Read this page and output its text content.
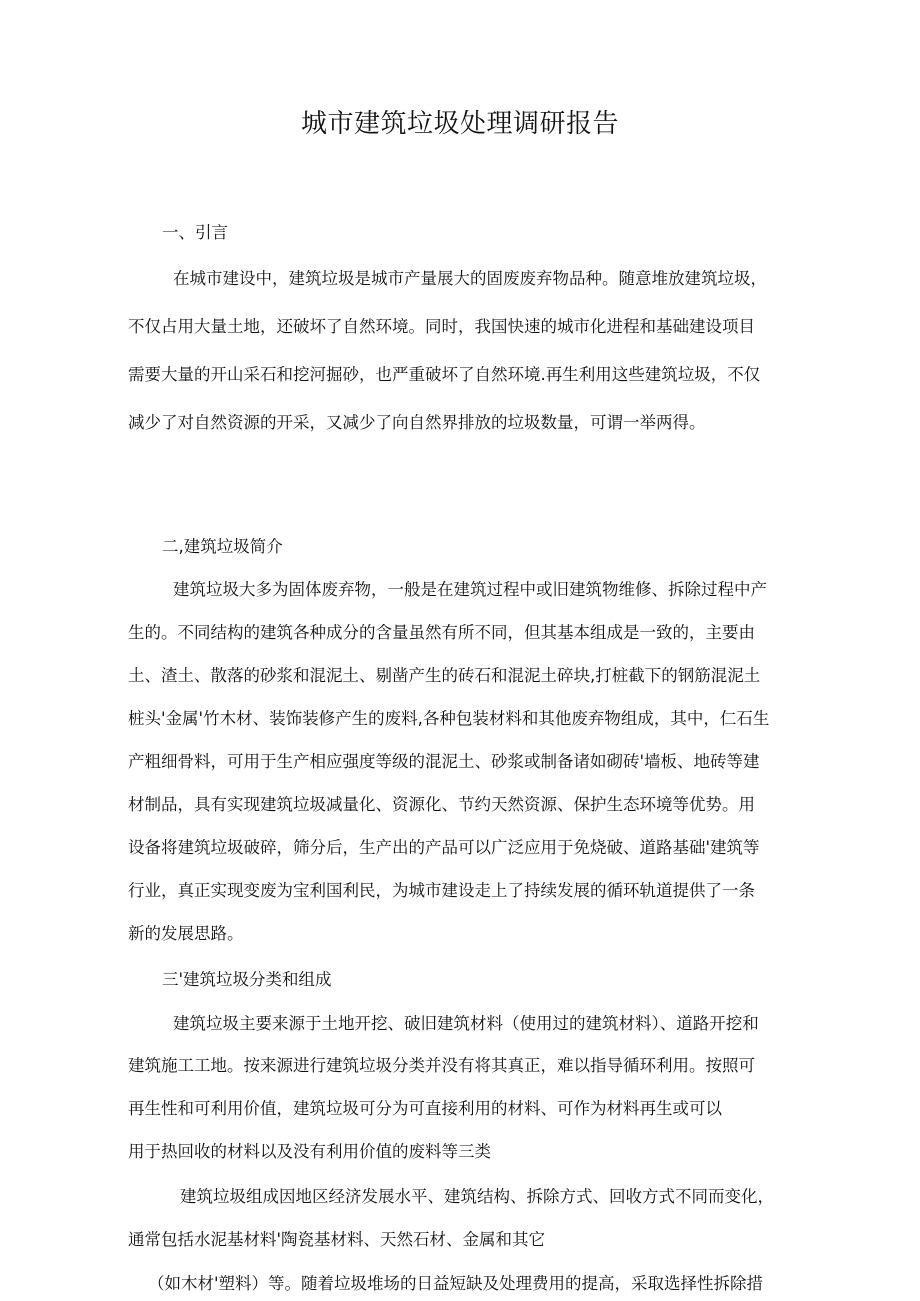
城市建筑垃圾处理调研报告
一、引言
在城市建设中，建筑垃圾是城市产量展大的固废废弃物品种。随意堆放建筑垃圾，
不仅占用大量土地，还破坏了自然环境。同时，我国快速的城市化进程和基础建设项目
需要大量的开山采石和挖河掘砂，也严重破坏了自然环境.再生利用这些建筑垃圾，不仅
减少了对自然资源的开采，又减少了向自然界排放的垃圾数量，可谓一举两得。
二,建筑垃圾简介
建筑垃圾大多为固体废弃物，一般是在建筑过程中或旧建筑物维修、拆除过程中产
生的。不同结构的建筑各种成分的含量虽然有所不同，但其基本组成是一致的，主要由
土、渣土、散落的砂浆和混泥土、剔凿产生的砖石和混泥土碎块,打桩截下的钢筋混泥土
桩头'金属'竹木材、装饰装修产生的废料,各种包装材料和其他废弃物组成，其中，仁石生
产粗细骨料，可用于生产相应强度等级的混泥土、砂浆或制备诸如砌砖'墙板、地砖等建
材制品，具有实现建筑垃圾减量化、资源化、节约天然资源、保护生态环境等优势。用
设备将建筑垃圾破碎，筛分后，生产出的产品可以广泛应用于免烧破、道路基础'建筑等
行业，真正实现变废为宝利国利民，为城市建设走上了持续发展的循环轨道提供了一条
新的发展思路。
三'建筑垃圾分类和组成
建筑垃圾主要来源于土地开挖、破旧建筑材料（使用过的建筑材料）、道路开挖和
建筑施工工地。按来源进行建筑垃圾分类并没有将其真正，难以指导循环利用。按照可
再生性和可利用价值，建筑垃圾可分为可直接利用的材料、可作为材料再生或可以
用于热回收的材料以及没有利用价值的废料等三类
建筑垃圾组成因地区经济发展水平、建筑结构、拆除方式、回收方式不同而变化，
通常包括水泥基材料'陶瓷基材料、天然石材、金属和其它
（如木材'塑料）等。随着垃圾堆场的日益短缺及处理费用的提高，采取选择性拆除措
